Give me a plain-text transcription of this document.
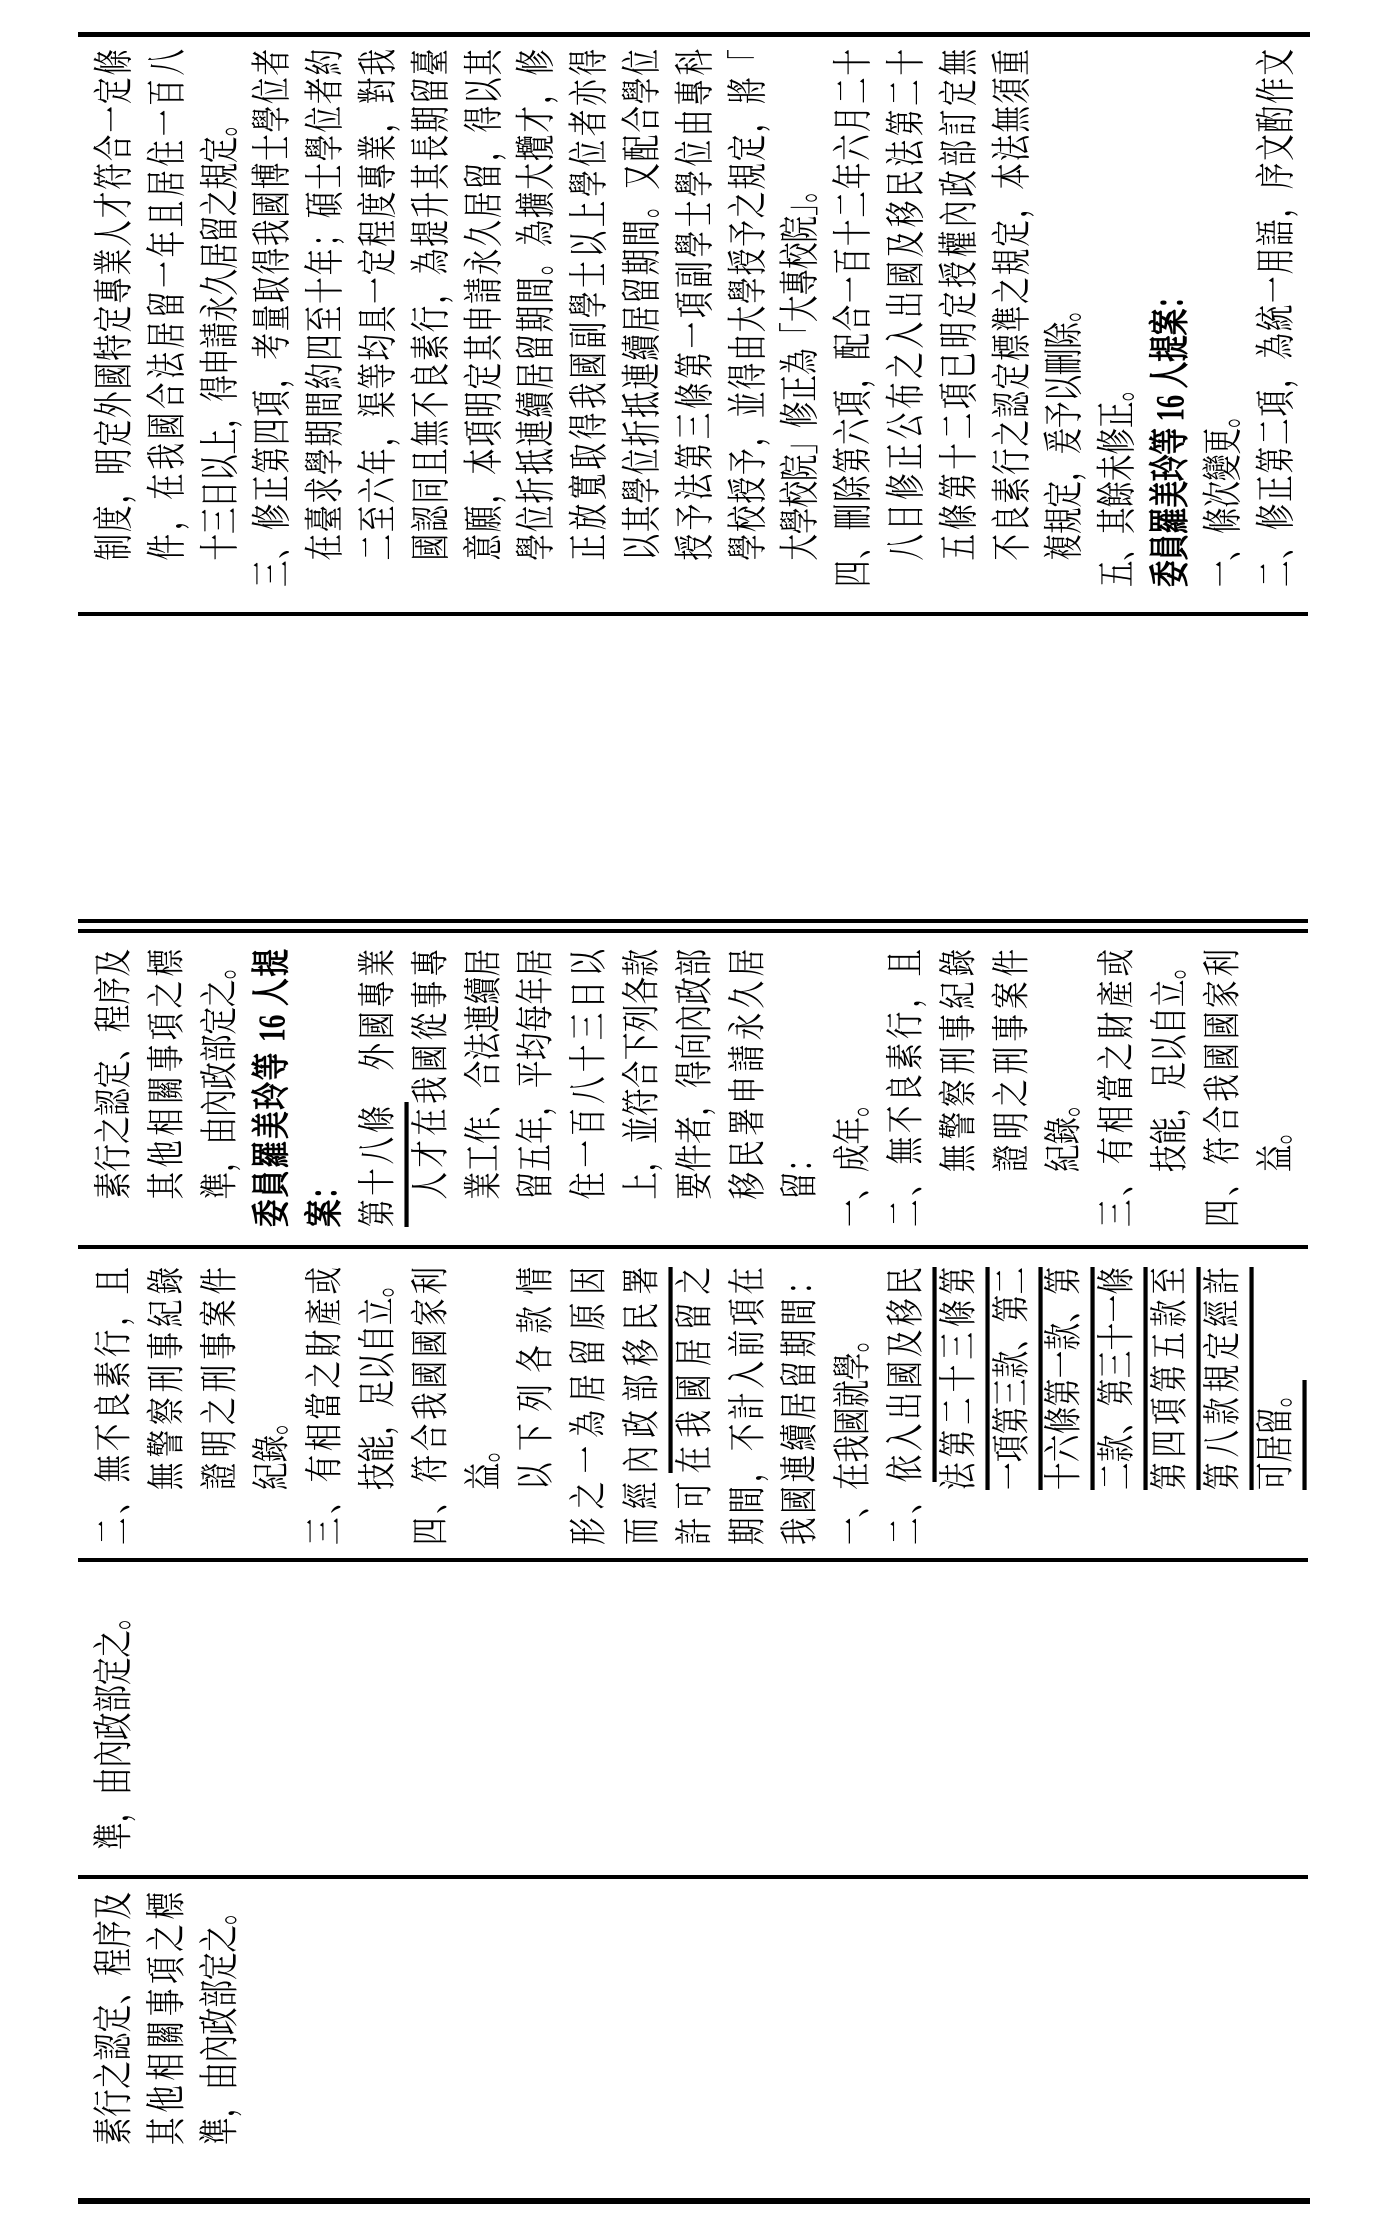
素行之認定、程序及 其他相關事項之標 準，由內政部定之。
準，由內政部定之。
二、無不良素行，且 無警察刑事紀錄 證明之刑事案件 紀錄。 三、有相當之財產或 技能，足以自立。 四、符合我國國家利 益。 以下列各款情 形之一為居留原因 而經內政部移民署 許可在我國居留之 期間，不計入前項在 我國連續居留期間： 一、在我國就學。 二、依入出國及移民 法第二十三條第 一項第三款、第二 十六條第一款、第 二款、第三十一條 第四項第五款至 第八款規定經許 可居留。
素行之認定、程序及 其他相關事項之標 準，由內政部定之。 委員羅美玲等 16 人提 案： 第十八條　外國專業 人才在我國從事專 業工作、合法連續居 留五年，平均每年居 住一百八十三日以 上，並符合下列各款 要件者，得向內政部 移民署申請永久居 留： 一、成年。 二、無不良素行，且 無警察刑事紀錄 證明之刑事案件 紀錄。 三、有相當之財產或 技能，足以自立。 四、符合我國國家利 益。
制度，明定外國特定專業人才符合一定條 件，在我國合法居留一年且居住一百八 十三日以上，得申請永久居留之規定。 三、修正第四項，考量取得我國博士學位者 在臺求學期間約四至十年；碩士學位者約 二至六年，渠等均具一定程度專業，對我 國認同且無不良素行，為提升其長期留臺 意願，本項明定其申請永久居留，得以其 學位折抵連續居留期間。為擴大攬才，修 正放寬取得我國副學士以上學位者亦得 以其學位折抵連續居留期間。又配合學位 授予法第三條第一項副學士學位由專科 學校授予，並得由大學授予之規定，將「 大學校院」修正為「大專校院」。 四、刪除第六項，配合一百十二年六月二十 八日修正公布之入出國及移民法第二十 五條第十二項已明定授權內政部訂定無 不良素行之認定標準之規定，本法無須重 複規定，爰予以刪除。 五、其餘未修正。 委員羅美玲等 16 人提案： 一、條次變更。 二、修正第二項，為統一用語，序文酌作文
